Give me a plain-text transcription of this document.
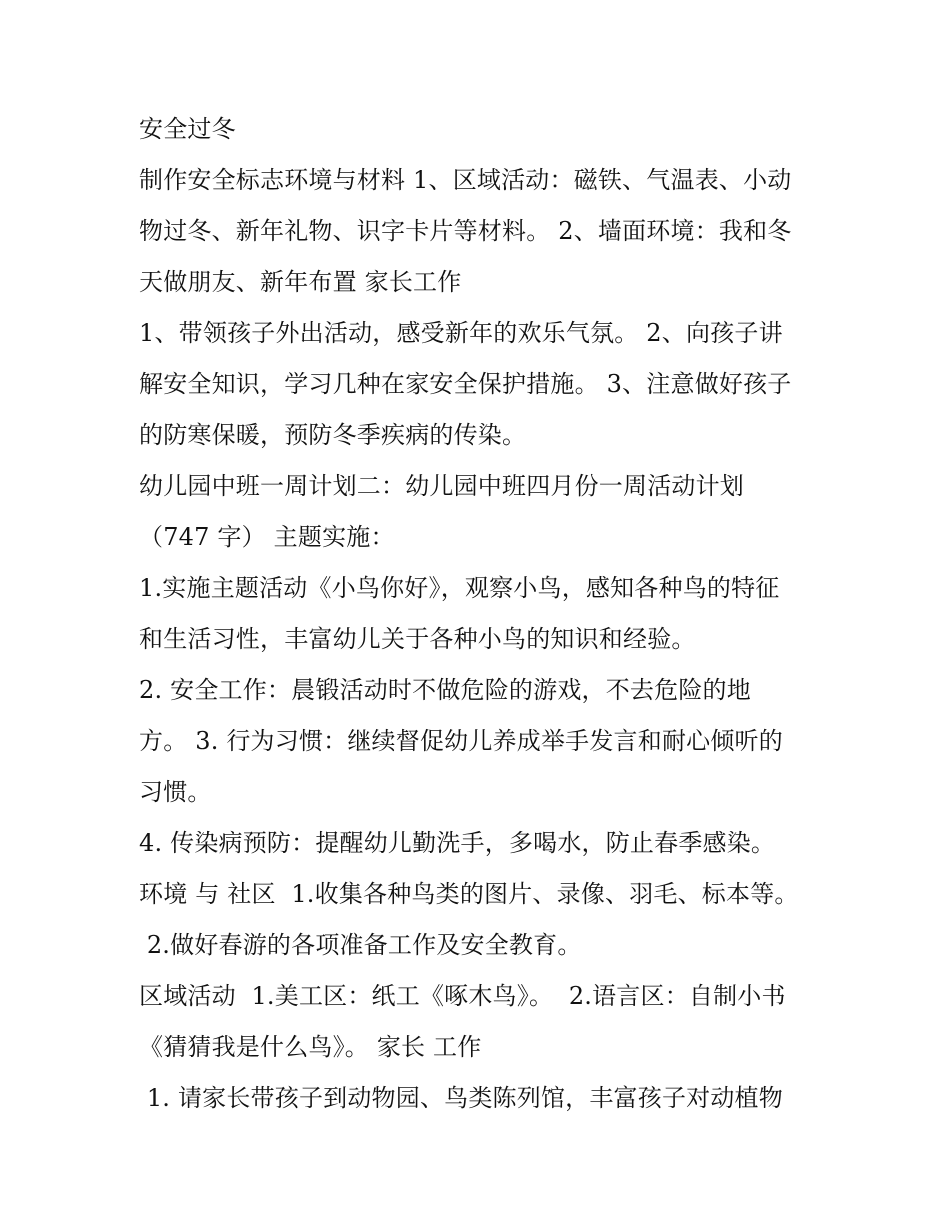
安全过冬
制作安全标志环境与材料 1、区域活动：磁铁、气温表、小动
物过冬、新年礼物、识字卡片等材料。 2、墙面环境：我和冬
天做朋友、新年布置 家长工作
1、带领孩子外出活动，感受新年的欢乐气氛。 2、向孩子讲
解安全知识，学习几种在家安全保护措施。 3、注意做好孩子
的防寒保暖，预防冬季疾病的传染。
幼儿园中班一周计划二：幼儿园中班四月份一周活动计划
（747 字） 主题实施：
1.实施主题活动《小鸟你好》，观察小鸟，感知各种鸟的特征
和生活习性，丰富幼儿关于各种小鸟的知识和经验。
2. 安全工作：晨锻活动时不做危险的游戏，不去危险的地
方。 3. 行为习惯：继续督促幼儿养成举手发言和耐心倾听的
习惯。
4. 传染病预防：提醒幼儿勤洗手，多喝水，防止春季感染。
环境 与 社区  1.收集各种鸟类的图片、录像、羽毛、标本等。
2.做好春游的各项准备工作及安全教育。
区域活动  1.美工区：纸工《啄木鸟》。  2.语言区：自制小书
《猜猜我是什么鸟》。 家长 工作
1. 请家长带孩子到动物园、鸟类陈列馆，丰富孩子对动植物
